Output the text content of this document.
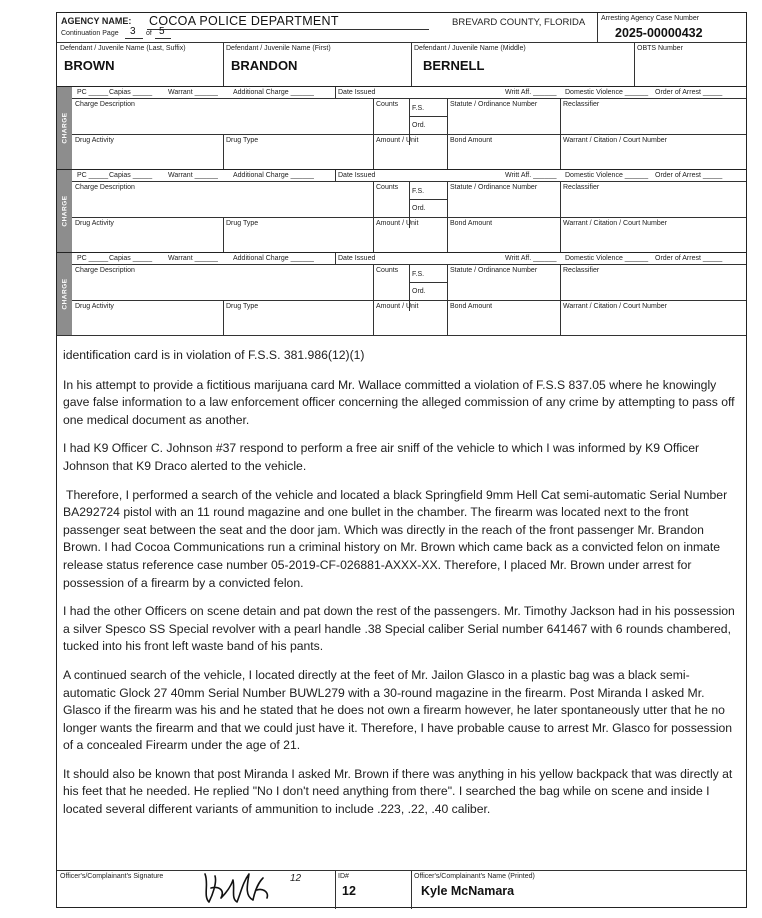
AGENCY NAME: COCOA POLICE DEPARTMENT
Continuation Page 3 of 5
BREVARD COUNTY, FLORIDA Arresting Agency Case Number
2025-00000432
Defendant / Juvenile Name (Last, Suffix)
BROWN
Defendant / Juvenile Name (First)
BRANDON
Defendant / Juvenile Name (Middle)
BERNELL
OBTS Number
CHARGE
PC _____ Capias _____ Warrant ______ Additional Charge ______	Date Issued	Writt Aff. ______ Domestic Violence ______ Order of Arrest _____
Charge Description	Counts
F.S.
Ord.
Statute / Ordinance Number	Reclassifier
Drug Activity	Drug Type	Amount / Unit	Bond Amount	Warrant / Citation / Court Number
CHARGE
PC _____ Capias _____ Warrant ______ Additional Charge ______	Date Issued	Writt Aff. ______ Domestic Violence ______ Order of Arrest _____
Charge Description	Counts
F.S.
Ord.
Statute / Ordinance Number	Reclassifier
Drug Activity	Drug Type	Amount / Unit	Bond Amount	Warrant / Citation / Court Number
CHARGE
PC _____ Capias _____ Warrant ______ Additional Charge ______	Date Issued	Writt Aff. ______ Domestic Violence ______ Order of Arrest _____
Charge Description	Counts
F.S.
Ord.
Statute / Ordinance Number	Reclassifier
Drug Activity	Drug Type	Amount / Unit	Bond Amount	Warrant / Citation / Court Number

identification card is in violation of F.S.S. 381.986(12)(1)

In his attempt to provide a fictitious marijuana card Mr. Wallace committed a violation of F.S.S 837.05 where he knowingly gave false information to a law enforcement officer concerning the alleged commission of any crime by attempting to pass off one medical document as another.

I had K9 Officer C. Johnson #37 respond to perform a free air sniff of the vehicle to which I was informed by K9 Officer Johnson that K9 Draco alerted to the vehicle.

Therefore, I performed a search of the vehicle and located a black Springfield 9mm Hell Cat semi-automatic Serial Number BA292724 pistol with an 11 round magazine and one bullet in the chamber. The firearm was located next to the front passenger seat between the seat and the door jam. Which was directly in the reach of the front passenger Mr. Brandon Brown. I had Cocoa Communications run a criminal history on Mr. Brown which came back as a convicted felon on inmate release status reference case number 05-2019-CF-026881-AXXX-XX. Therefore, I placed Mr. Brown under arrest for possession of a firearm by a convicted felon.

I had the other Officers on scene detain and pat down the rest of the passengers. Mr. Timothy Jackson had in his possession a silver Spesco SS Special revolver with a pearl handle .38 Special caliber Serial number 641467 with 6 rounds chambered, tucked into his front left waste band of his pants.

A continued search of the vehicle, I located directly at the feet of Mr. Jailon Glasco in a plastic bag was a black semi-automatic Glock 27 40mm Serial Number BUWL279 with a 30-round magazine in the firearm. Post Miranda I asked Mr. Glasco if the firearm was his and he stated that he does not own a firearm however, he later spontaneously utter that he no longer wants the firearm and that we could just have it. Therefore, I have probable cause to arrest Mr. Glasco for possession of a concealed Firearm under the age of 21.

It should also be known that post Miranda I asked Mr. Brown if there was anything in his yellow backpack that was directly at his feet that he needed. He replied "No I don't need anything from there". I searched the bag while on scene and inside I located several different variants of ammunition to include .223, .22, .40 caliber.

Officer's/Complainant's Signature	12	ID#
12
Officer's/Complainant's Name (Printed)
Kyle McNamara
